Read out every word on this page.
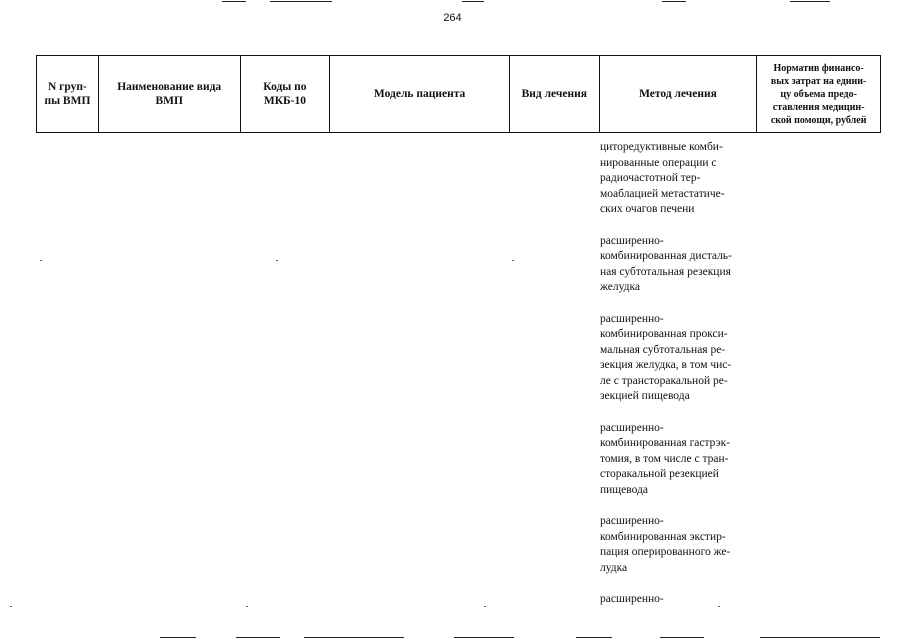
264
N груп-
пы ВМП
Наименование вида
ВМП
Коды по
МКБ-10
Модель пациента	Вид лечения	Метод лечения
Норматив финансо-
вых затрат на едини-
цу объема предо-
ставления медицин-
ской помощи, рублей
циторедуктивные комби-
нированные операции с
радиочастотной тер-
моаблацией метастатиче-
ских очагов печени
расширенно-
комбинированная дисталь-
ная субтотальная резекция
желудка
расширенно-
комбинированная прокси-
мальная субтотальная ре-
зекция желудка, в том чис-
ле с трансторакальной ре-
зекцией пищевода
расширенно-
комбинированная гастрэк-
томия, в том числе с тран-
сторакальной резекцией
пищевода
расширенно-
комбинированная экстир-
пация оперированного же-
лудка
расширенно-
